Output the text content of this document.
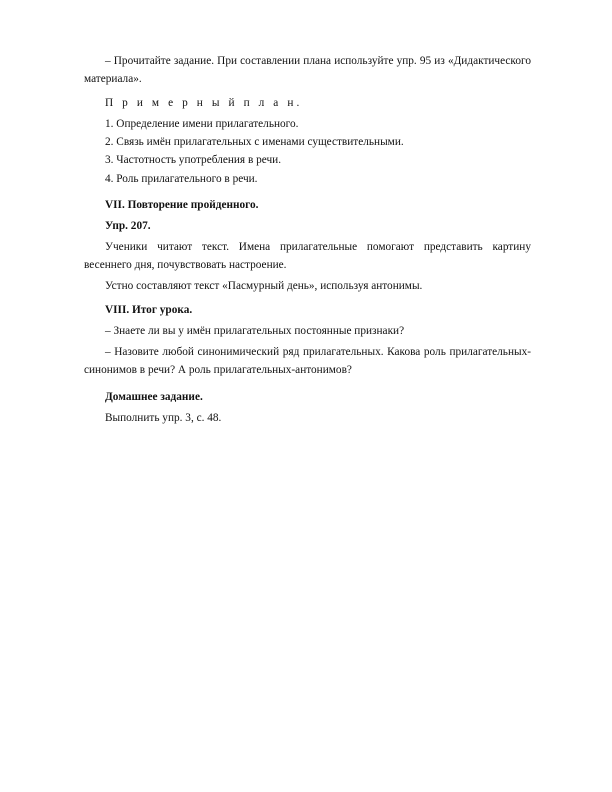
– Прочитайте задание. При составлении плана используйте упр. 95 из «Дидактического материала».

П р и м е р н ы й п л а н.

1. Определение имени прилагательного.

2. Связь имён прилагательных с именами существительными.

3. Частотность употребления в речи.

4. Роль прилагательного в речи.

VII. Повторение пройденного.

Упр. 207.

Ученики читают текст. Имена прилагательные помогают представить картину весеннего дня, почувствовать настроение.

Устно составляют текст «Пасмурный день», используя антонимы.

VIII. Итог урока.

– Знаете ли вы у имён прилагательных постоянные признаки?

– Назовите любой синонимический ряд прилагательных. Какова роль прилагательных-синонимов в речи? А роль прилагательных-антонимов?

Домашнее задание.

Выполнить упр. 3, с. 48.
